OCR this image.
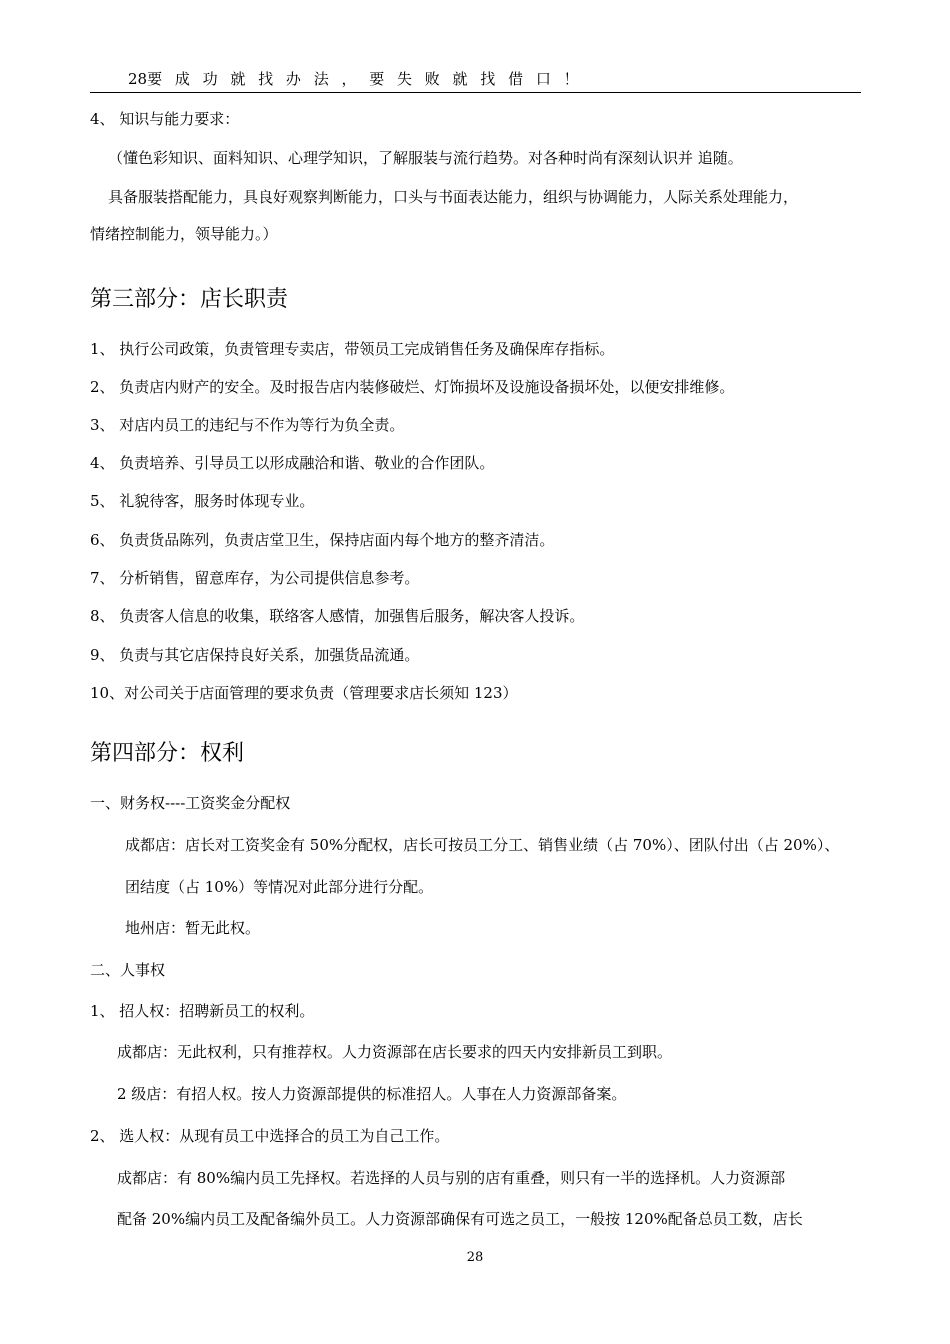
28要 成 功 就 找 办 法 ， 要 失 败 就 找 借 口 ！
4、 知识与能力要求：
（懂色彩知识、面料知识、心理学知识，了解服装与流行趋势。对各种时尚有深刻认识并 追随。
具备服装搭配能力，具良好观察判断能力，口头与书面表达能力，组织与协调能力，人际关系处理能力，
情绪控制能力，领导能力。）
第三部分：店长职责
1、 执行公司政策，负责管理专卖店，带领员工完成销售任务及确保库存指标。
2、 负责店内财产的安全。及时报告店内装修破烂、灯饰损坏及设施设备损坏处，以便安排维修。
3、 对店内员工的违纪与不作为等行为负全责。
4、 负责培养、引导员工以形成融洽和谐、敬业的合作团队。
5、 礼貌待客，服务时体现专业。
6、 负责货品陈列，负责店堂卫生，保持店面内每个地方的整齐清洁。
7、 分析销售，留意库存，为公司提供信息参考。
8、 负责客人信息的收集，联络客人感情，加强售后服务，解决客人投诉。
9、 负责与其它店保持良好关系，加强货品流通。
10、对公司关于店面管理的要求负责（管理要求店长须知 123）
第四部分：权利
一、财务权----工资奖金分配权
成都店：店长对工资奖金有 50%分配权，店长可按员工分工、销售业绩（占 70%）、团队付出（占 20%）、
团结度（占 10%）等情况对此部分进行分配。
地州店：暂无此权。
二、人事权
1、 招人权：招聘新员工的权利。
成都店：无此权利，只有推荐权。人力资源部在店长要求的四天内安排新员工到职。
2 级店：有招人权。按人力资源部提供的标准招人。人事在人力资源部备案。
2、 选人权：从现有员工中选择合的员工为自己工作。
成都店：有 80%编内员工先择权。若选择的人员与别的店有重叠，则只有一半的选择机。人力资源部
配备 20%编内员工及配备编外员工。人力资源部确保有可选之员工，一般按 120%配备总员工数，店长
28
